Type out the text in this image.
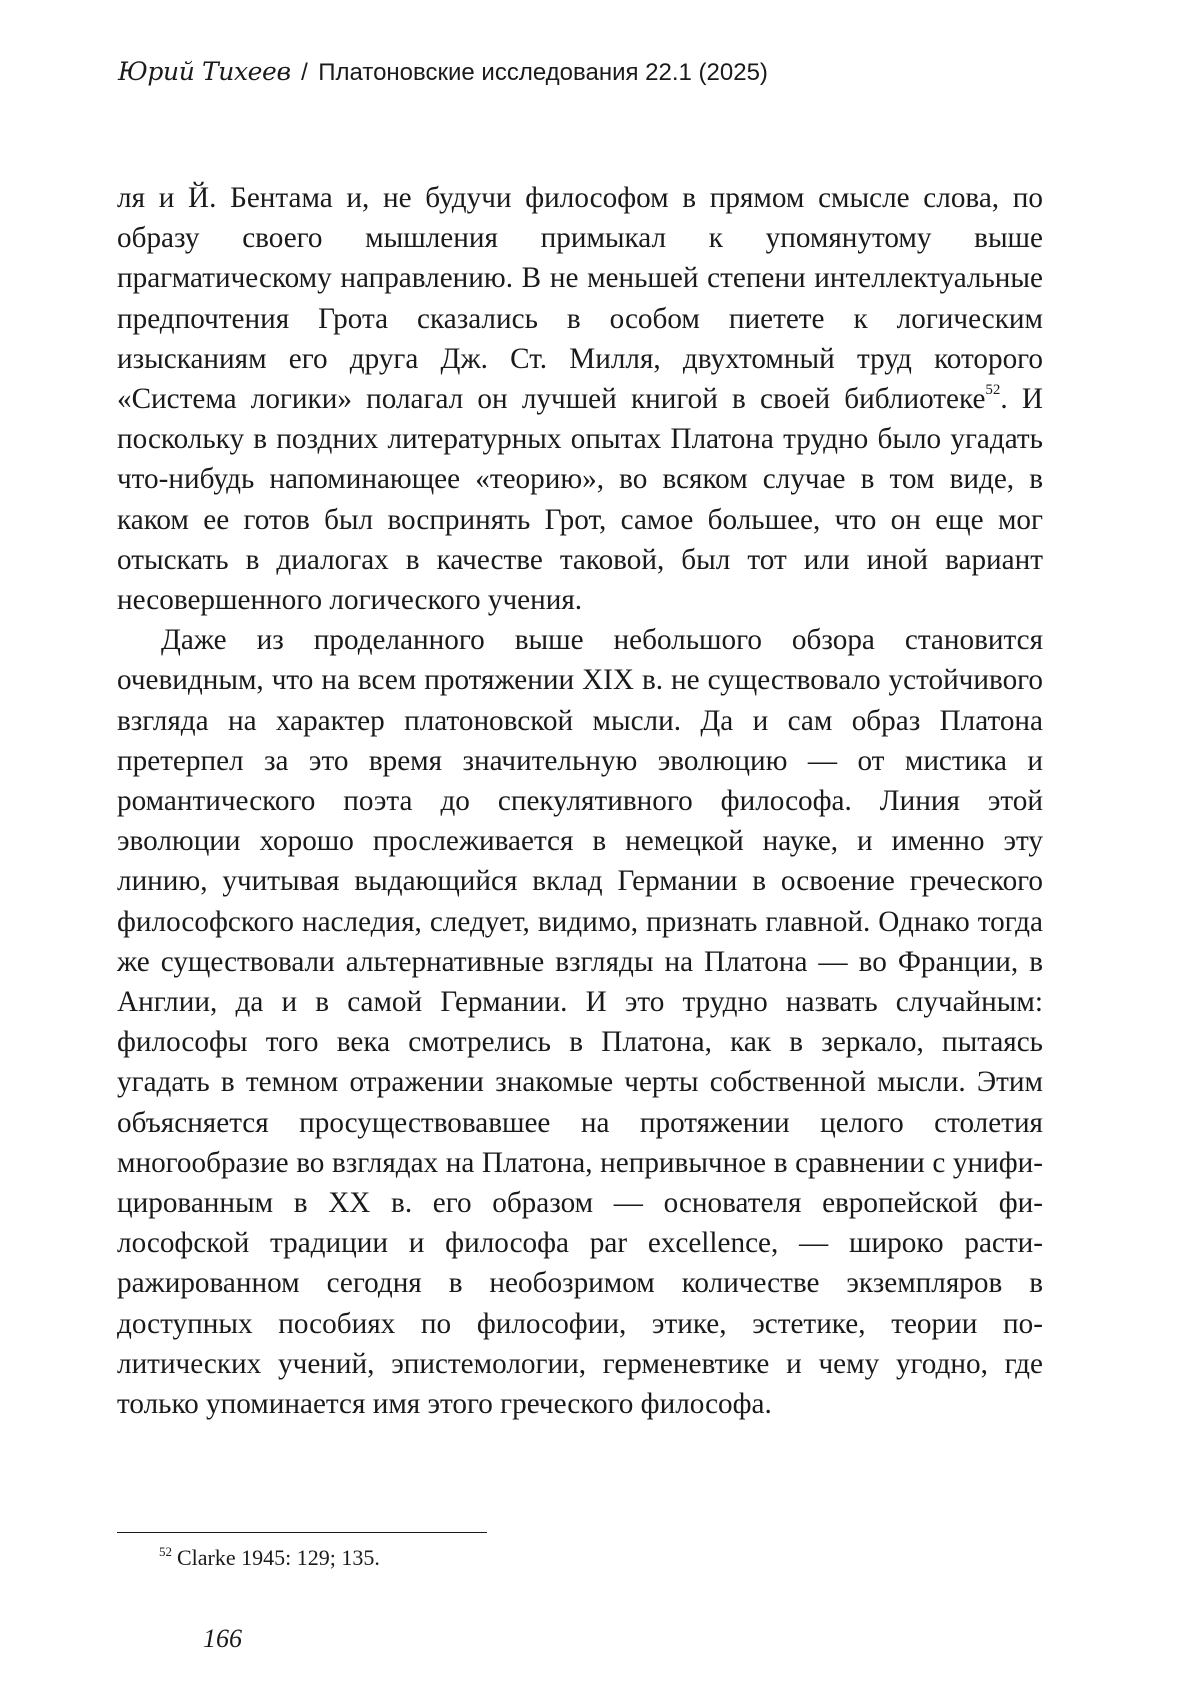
Юрий Тихеев / Платоновские исследования 22.1 (2025)

ля и Й. Бентама и, не будучи философом в прямом смысле слова, по образу своего мышления примыкал к упомянутому выше прагматическому направлению. В не меньшей степени интеллектуальные предпочтения Грота сказались в особом пиетете к логическим изысканиям его друга Дж. Ст. Милля, двухтомный труд которого «Система логики» полагал он лучшей книгой в своей библиотеке$^{52}$. И поскольку в поздних литературных опытах Платона трудно было угадать что-нибудь напоминающее «теорию», во всяком случае в том виде, в каком ее готов был воспринять Грот, самое большее, что он еще мог отыскать в диалогах в качестве таковой, был тот или иной вариант несовершенного логического учения.

Даже из проделанного выше небольшого обзора становится очевидным, что на всем протяжении XIX в. не существовало устойчивого взгляда на характер платоновской мысли. Да и сам образ Платона претерпел за это время значительную эволюцию — от мистика и романтического поэта до спекулятивного философа. Линия этой эволюции хорошо прослеживается в немецкой науке, и именно эту линию, учитывая выдающийся вклад Германии в освоение греческого философского наследия, следует, видимо, признать главной. Однако тогда же существовали альтернативные взгляды на Платона — во Франции, в Англии, да и в самой Германии. И это трудно назвать случайным: философы того века смотрелись в Платона, как в зеркало, пытаясь угадать в темном отражении знакомые черты собственной мысли. Этим объясняется просуществовавшее на протяжении целого столетия многообразие во взглядах на Платона, непривычное в сравнении с унифицированным в XX в. его образом — основателя европейской философской традиции и философа par excellence, — широко растиражированном сегодня в необозримом количестве экземпляров в доступных пособиях по философии, этике, эстетике, теории политических учений, эпистемологии, герменевтике и чему угодно, где только упоминается имя этого греческого философа.

$^{52}$ Clarke 1945: 129; 135.
166
